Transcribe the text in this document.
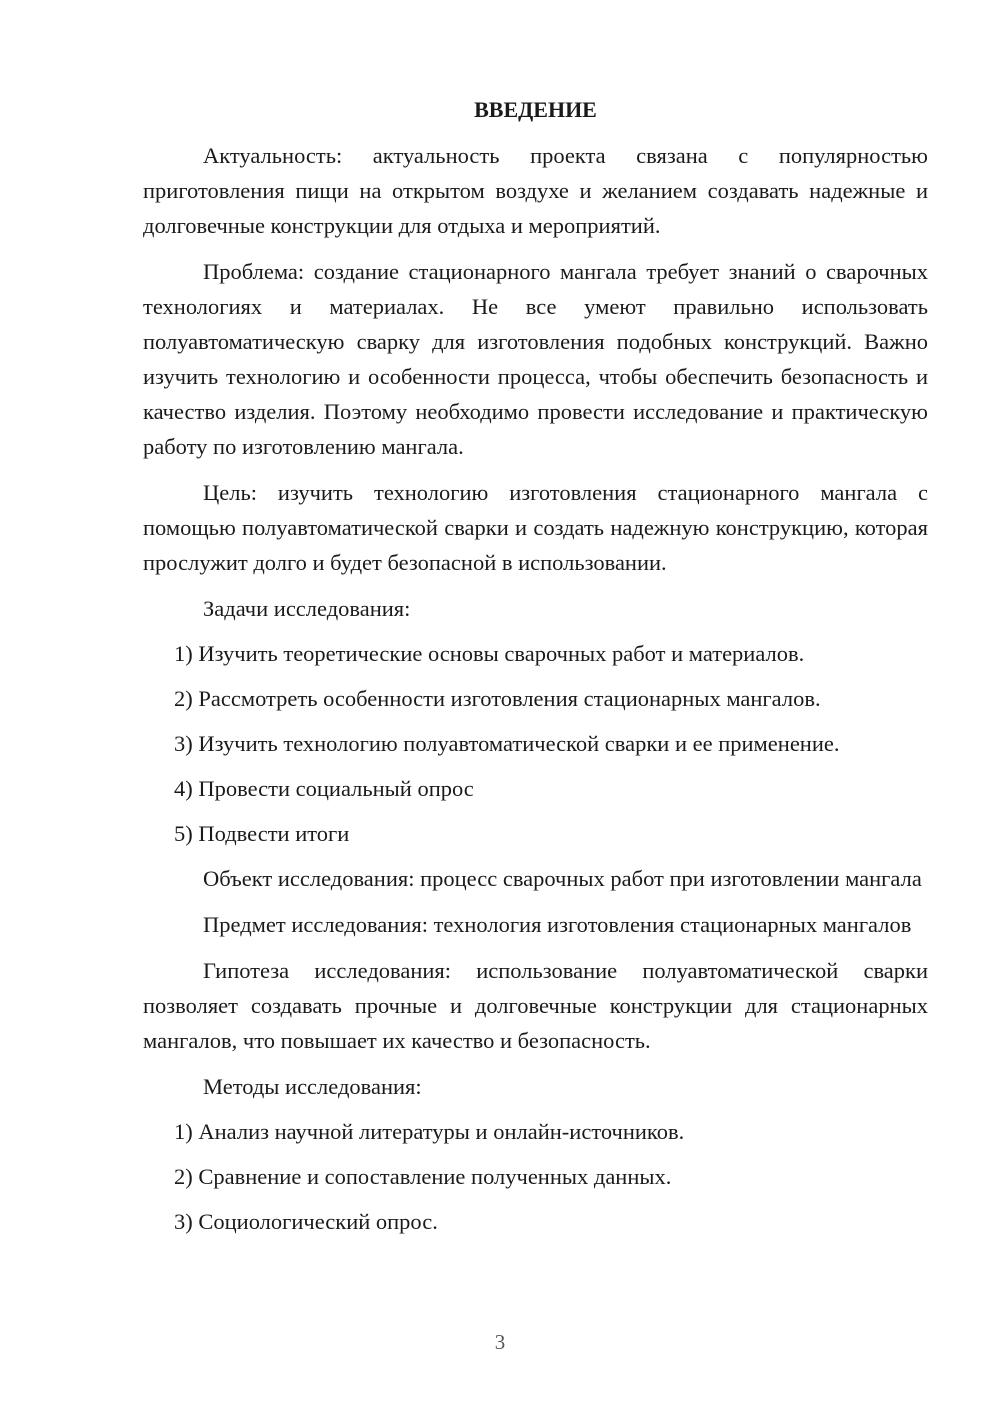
ВВЕДЕНИЕ

Актуальность: актуальность проекта связана с популярностью приготовления пищи на открытом воздухе и желанием создавать надежные и долговечные конструкции для отдыха и мероприятий.

Проблема: создание стационарного мангала требует знаний о сварочных технологиях и материалах. Не все умеют правильно использовать полуавтоматическую сварку для изготовления подобных конструкций. Важно изучить технологию и особенности процесса, чтобы обеспечить безопасность и качество изделия. Поэтому необходимо провести исследование и практическую работу по изготовлению мангала.

Цель: изучить технологию изготовления стационарного мангала с помощью полуавтоматической сварки и создать надежную конструкцию, которая прослужит долго и будет безопасной в использовании.

Задачи исследования:

1) Изучить теоретические основы сварочных работ и материалов.

2) Рассмотреть особенности изготовления стационарных мангалов.

3) Изучить технологию полуавтоматической сварки и ее применение.

4) Провести социальный опрос

5) Подвести итоги

Объект исследования: процесс сварочных работ при изготовлении мангала

Предмет исследования: технология изготовления стационарных мангалов

Гипотеза исследования: использование полуавтоматической сварки позволяет создавать прочные и долговечные конструкции для стационарных мангалов, что повышает их качество и безопасность.

Методы исследования:

1) Анализ научной литературы и онлайн-источников.

2) Сравнение и сопоставление полученных данных.

3) Социологический опрос.

3
